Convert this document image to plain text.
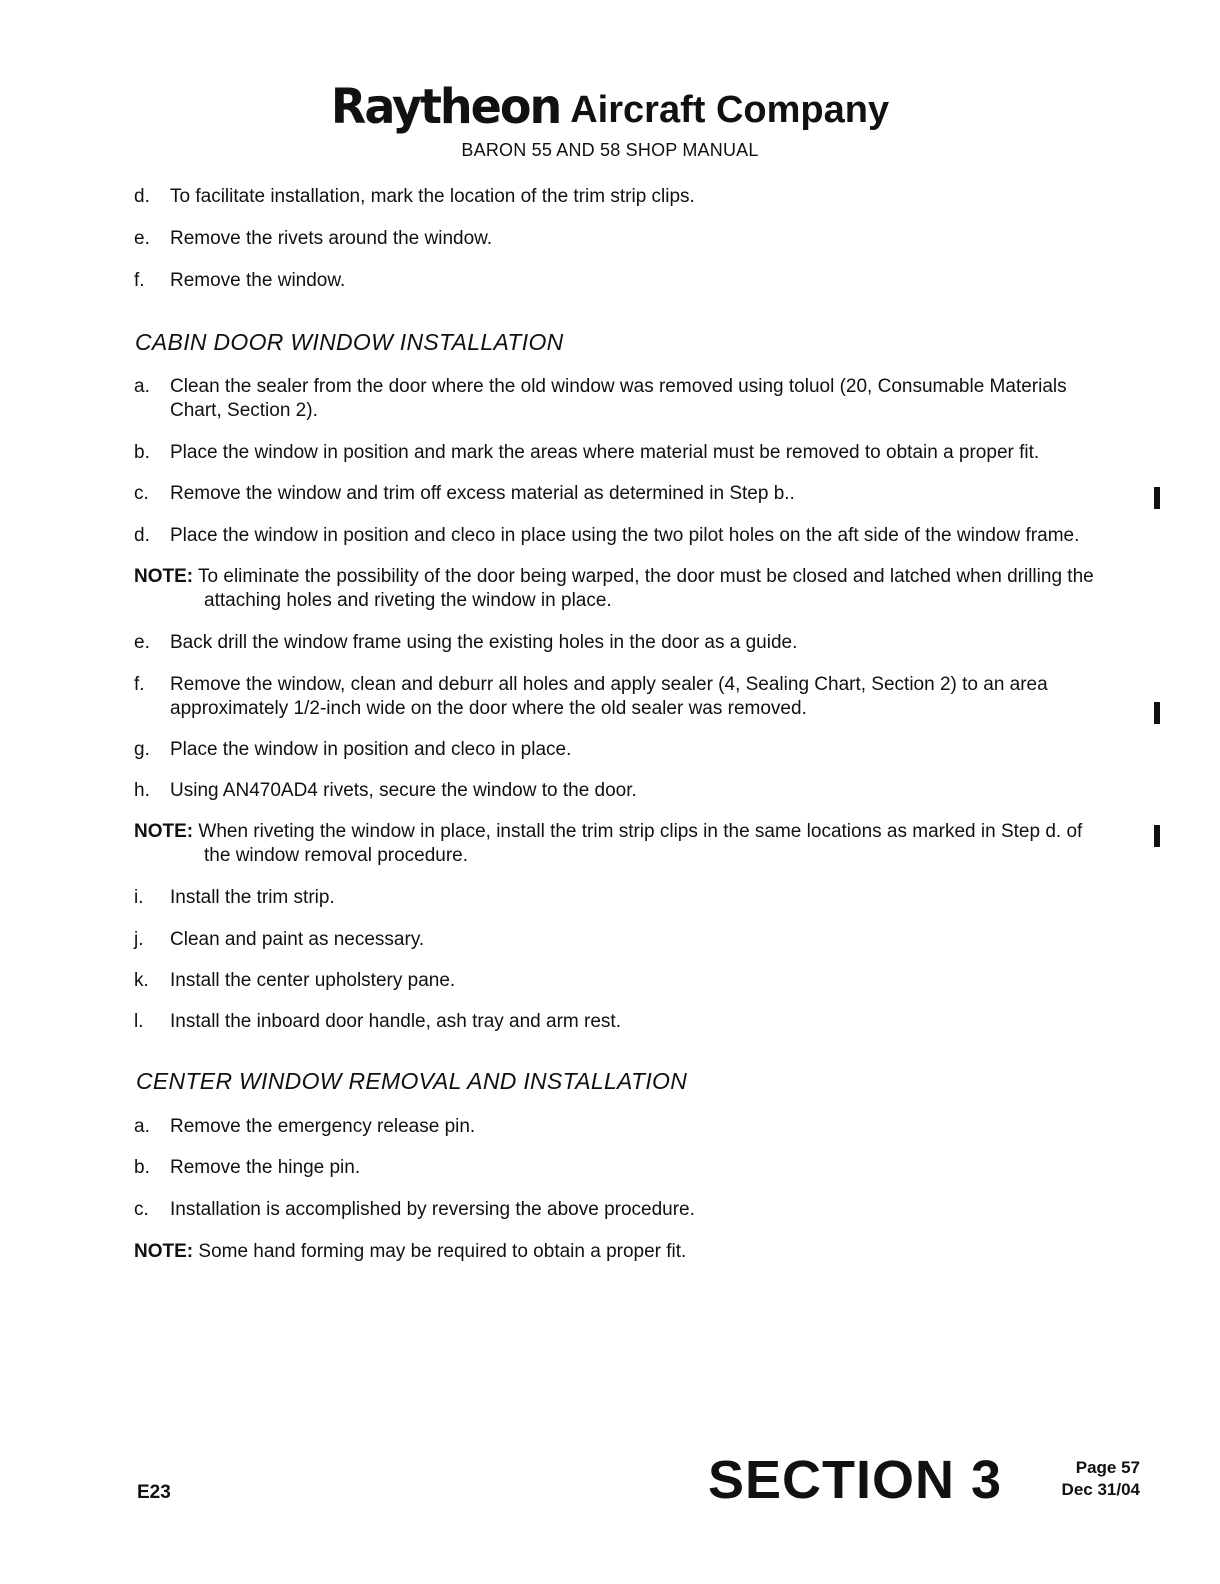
Raytheon Aircraft Company
BARON 55 AND 58 SHOP MANUAL
d.	To facilitate installation, mark the location of the trim strip clips.
e.	Remove the rivets around the window.
f.	Remove the window.
CABIN DOOR WINDOW INSTALLATION
a.	Clean the sealer from the door where the old window was removed using toluol (20, Consumable Materials
Chart, Section 2).
b.	Place the window in position and mark the areas where material must be removed to obtain a proper fit.
c.	Remove the window and trim off excess material as determined in Step b..
d.	Place the window in position and cleco in place using the two pilot holes on the aft side of the window frame.
NOTE: To eliminate the possibility of the door being warped, the door must be closed and latched when drilling the
attaching holes and riveting the window in place.
e.	Back drill the window frame using the existing holes in the door as a guide.
f.	Remove the window, clean and deburr all holes and apply sealer (4, Sealing Chart, Section 2) to an area
approximately 1/2-inch wide on the door where the old sealer was removed.
g.	Place the window in position and cleco in place.
h.	Using AN470AD4 rivets, secure the window to the door.
NOTE: When riveting the window in place, install the trim strip clips in the same locations as marked in Step d. of
the window removal procedure.
i.	Install the trim strip.
j.	Clean and paint as necessary.
k.	Install the center upholstery pane.
l.	Install the inboard door handle, ash tray and arm rest.
CENTER WINDOW REMOVAL AND INSTALLATION
a.	Remove the emergency release pin.
b.	Remove the hinge pin.
c.	Installation is accomplished by reversing the above procedure.
NOTE: Some hand forming may be required to obtain a proper fit.
E23	SECTION 3	Page 57
Dec 31/04
